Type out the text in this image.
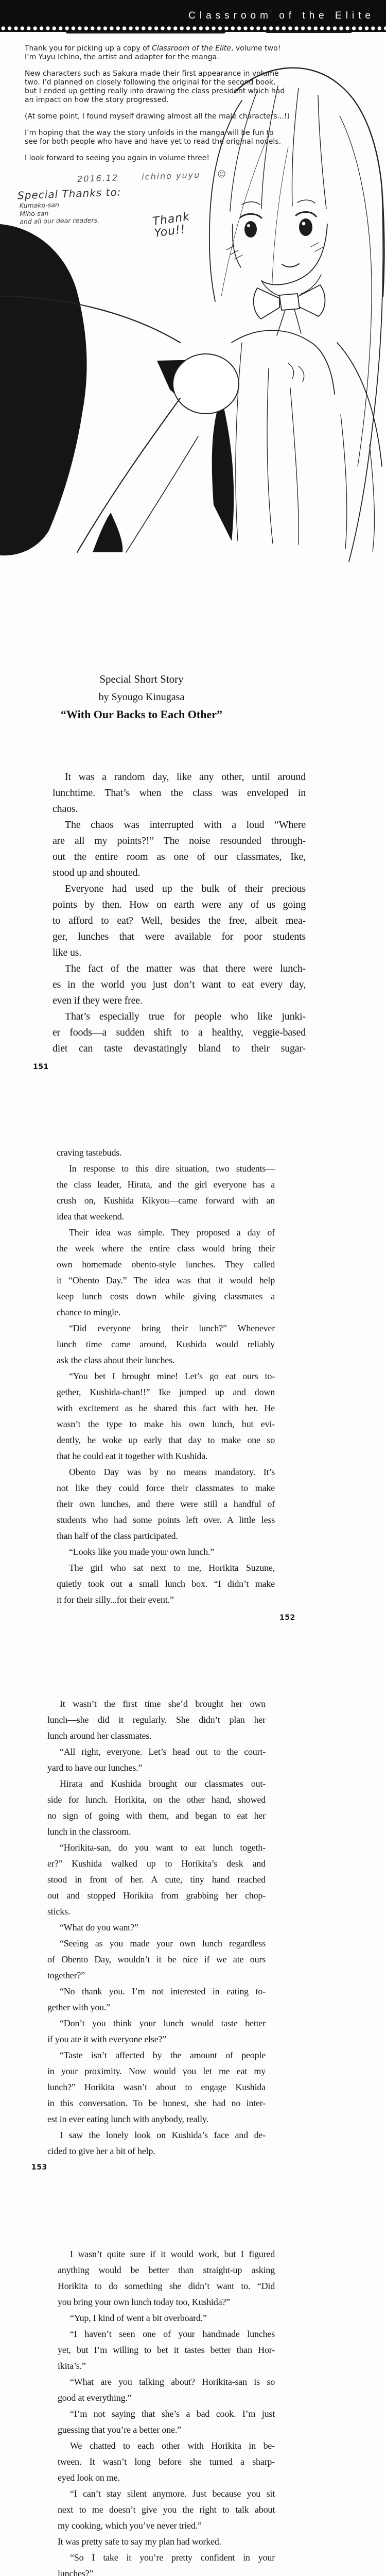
Classroom of the Elite
Thank you for picking up a copy of Classroom of the Elite, volume two!
I’m Yuyu Ichino, the artist and adapter for the manga.
New characters such as Sakura made their first appearance in volume
two. I’d planned on closely following the original for the second book,
but I ended up getting really into drawing the class president which had
an impact on how the story progressed.
(At some point, I found myself drawing almost all the male characters...!)
I’m hoping that the way the story unfolds in the manga will be fun to
see for both people who have and have yet to read the original novels.
I look forward to seeing you again in volume three!
2016.12	ichino yuyu ☺
Special Thanks to:
Kumako-san
Miho-san
and all our dear readers.	Thank
You!!
Special Short Story
by Syougo Kinugasa
“With Our Backs to Each Other”
It was a random day, like any other, until around
lunchtime. That’s when the class was enveloped in
chaos.
The chaos was interrupted with a loud “Where
are all my points?!” The noise resounded through-
out the entire room as one of our classmates, Ike,
stood up and shouted.
Everyone had used up the bulk of their precious
points by then. How on earth were any of us going
to afford to eat? Well, besides the free, albeit mea-
ger, lunches that were available for poor students
like us.
The fact of the matter was that there were lunch-
es in the world you just don’t want to eat every day,
even if they were free.
That’s especially true for people who like junki-
er foods—a sudden shift to a healthy, veggie-based
diet can taste devastatingly bland to their sugar-
151
craving tastebuds.
In response to this dire situation, two students—
the class leader, Hirata, and the girl everyone has a
crush on, Kushida Kikyou—came forward with an
idea that weekend.
Their idea was simple. They proposed a day of
the week where the entire class would bring their
own homemade obento-style lunches. They called
it “Obento Day.” The idea was that it would help
keep lunch costs down while giving classmates a
chance to mingle.
“Did everyone bring their lunch?” Whenever
lunch time came around, Kushida would reliably
ask the class about their lunches.
“You bet I brought mine! Let’s go eat ours to-
gether, Kushida-chan!!” Ike jumped up and down
with excitement as he shared this fact with her. He
wasn’t the type to make his own lunch, but evi-
dently, he woke up early that day to make one so
that he could eat it together with Kushida.
Obento Day was by no means mandatory. It’s
not like they could force their classmates to make
their own lunches, and there were still a handful of
students who had some points left over. A little less
than half of the class participated.
“Looks like you made your own lunch.”
The girl who sat next to me, Horikita Suzune,
quietly took out a small lunch box. “I didn’t make
it for their silly...for their event.”
152
It wasn’t the first time she’d brought her own
lunch—she did it regularly. She didn’t plan her
lunch around her classmates.
“All right, everyone. Let’s head out to the court-
yard to have our lunches.”
Hirata and Kushida brought our classmates out-
side for lunch. Horikita, on the other hand, showed
no sign of going with them, and began to eat her
lunch in the classroom.
“Horikita-san, do you want to eat lunch togeth-
er?” Kushida walked up to Horikita’s desk and
stood in front of her. A cute, tiny hand reached
out and stopped Horikita from grabbing her chop-
sticks.
“What do you want?”
“Seeing as you made your own lunch regardless
of Obento Day, wouldn’t it be nice if we ate ours
together?”
“No thank you. I’m not interested in eating to-
gether with you.”
“Don’t you think your lunch would taste better
if you ate it with everyone else?”
“Taste isn’t affected by the amount of people
in your proximity. Now would you let me eat my
lunch?” Horikita wasn’t about to engage Kushida
in this conversation. To be honest, she had no inter-
est in ever eating lunch with anybody, really.
I saw the lonely look on Kushida’s face and de-
cided to give her a bit of help.
153
I wasn’t quite sure if it would work, but I figured
anything would be better than straight-up asking
Horikita to do something she didn’t want to. “Did
you bring your own lunch today too, Kushida?”
“Yup, I kind of went a bit overboard.”
“I haven’t seen one of your handmade lunches
yet, but I’m willing to bet it tastes better than Hor-
ikita’s.”
“What are you talking about? Horikita-san is so
good at everything.”
“I’m not saying that she’s a bad cook. I’m just
guessing that you’re a better one.”
We chatted to each other with Horikita in be-
tween. It wasn’t long before she turned a sharp-
eyed look on me.
“I can’t stay silent anymore. Just because you sit
next to me doesn’t give you the right to talk about
my cooking, which you’ve never tried.”
It was pretty safe to say my plan had worked.
“So I take it you’re pretty confident in your
lunches?”
